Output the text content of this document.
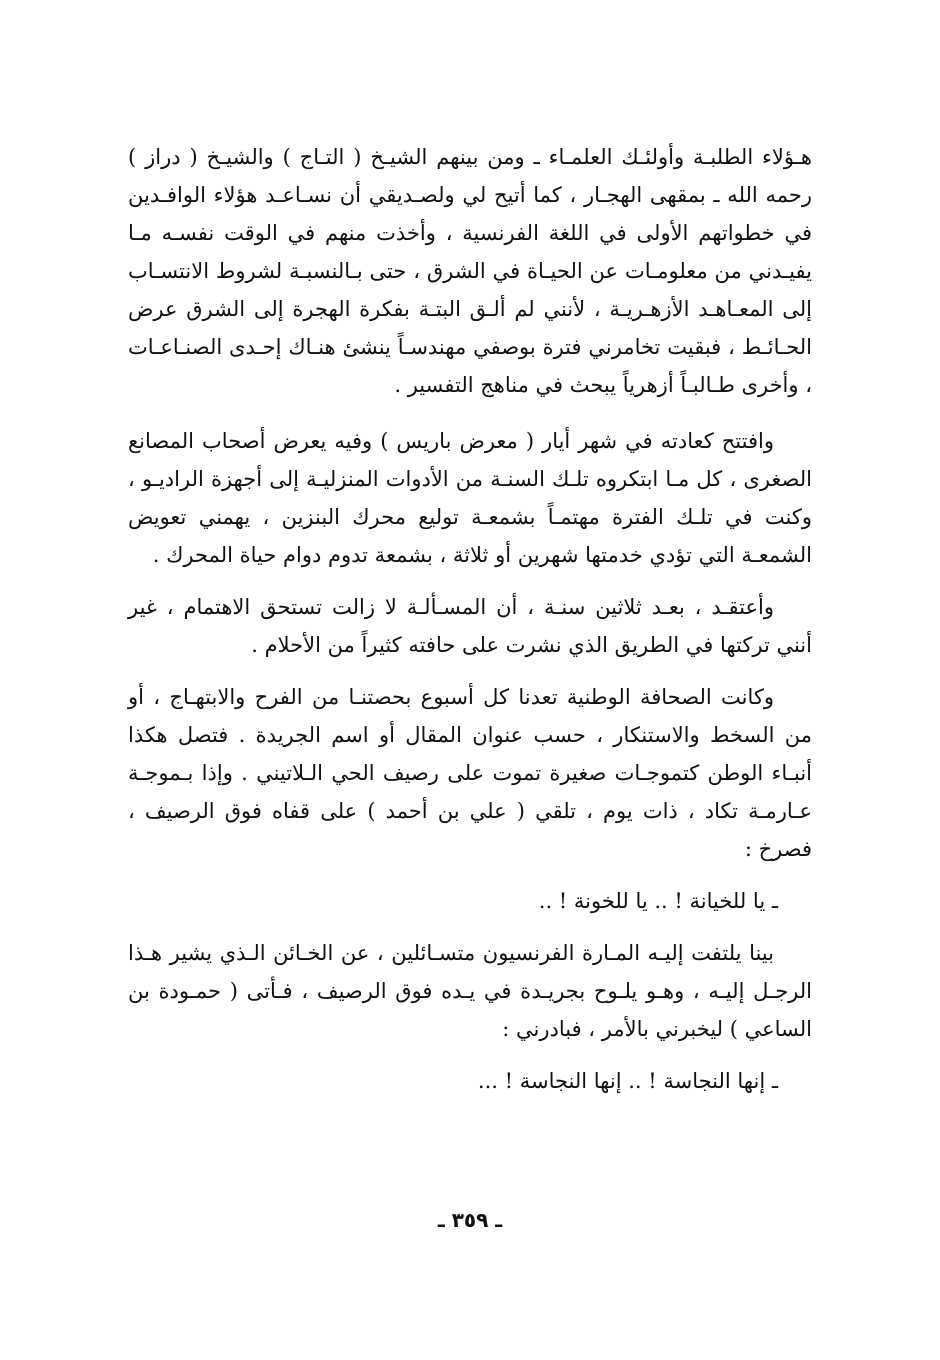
هـؤلاء الطلبـة وأولئـك العلمـاء ـ ومن بينهم الشيـخ ( التـاج ) والشيـخ ( دراز ) رحمه الله ـ بمقهى الهجـار ، كما أتيح لي ولصـديقي أن نسـاعـد هؤلاء الوافـدين في خطواتهم الأولى في اللغة الفرنسية ، وأخذت منهم في الوقت نفسـه مـا يفيـدني من معلومـات عن الحيـاة في الشرق ، حتى بـالنسبـة لشروط الانتسـاب إلى المعـاهـد الأزهـريـة ، لأنني لم ألـق البتـة بفكرة الهجرة إلى الشرق عرض الحـائـط ، فبقيت تخامرني فترة بوصفي مهندسـاً ينشئ هنـاك إحـدى الصنـاعـات ، وأخرى طـالبـاً أزهرياً يبحث في مناهج التفسير .

وافتتح كعادته في شهر أيار ( معرض باريس ) وفيه يعرض أصحاب المصانع الصغرى ، كل مـا ابتكروه تلـك السنـة من الأدوات المنزليـة إلى أجهزة الراديـو ، وكنت في تلـك الفترة مهتمـاً بشمعـة توليع محرك البنزين ، يهمني تعويض الشمعـة التي تؤدي خدمتها شهرين أو ثلاثة ، بشمعة تدوم دوام حياة المحرك .

وأعتقـد ، بعـد ثلاثين سنـة ، أن المسـألـة لا زالت تستحق الاهتمام ، غير أنني تركتها في الطريق الذي نشرت على حافته كثيراً من الأحلام .

وكانت الصحافة الوطنية تعدنا كل أسبوع بحصتنـا من الفرح والابتهـاج ، أو من السخط والاستنكار ، حسب عنوان المقال أو اسم الجريدة . فتصل هكذا أنبـاء الوطن كتموجـات صغيرة تموت على رصيف الحي الـلاتيني . وإذا بـموجـة عـارمـة تكاد ، ذات يوم ، تلقي ( علي بن أحمد ) على قفاه فوق الرصيف ، فصرخ :

ـ يا للخيانة ! .. يا للخونة ! ..

بينا يلتفت إليـه المـارة الفرنسيون متسـائلين ، عن الخـائن الـذي يشير هـذا الرجـل إليـه ، وهـو يلـوح بجريـدة في يـده فوق الرصيف ، فـأتى ( حمـودة بن الساعي ) ليخبرني بالأمر ، فبادرني :

ـ إنها النجاسة ! .. إنها النجاسة ! ...

ـ ٣٥٩ ـ
